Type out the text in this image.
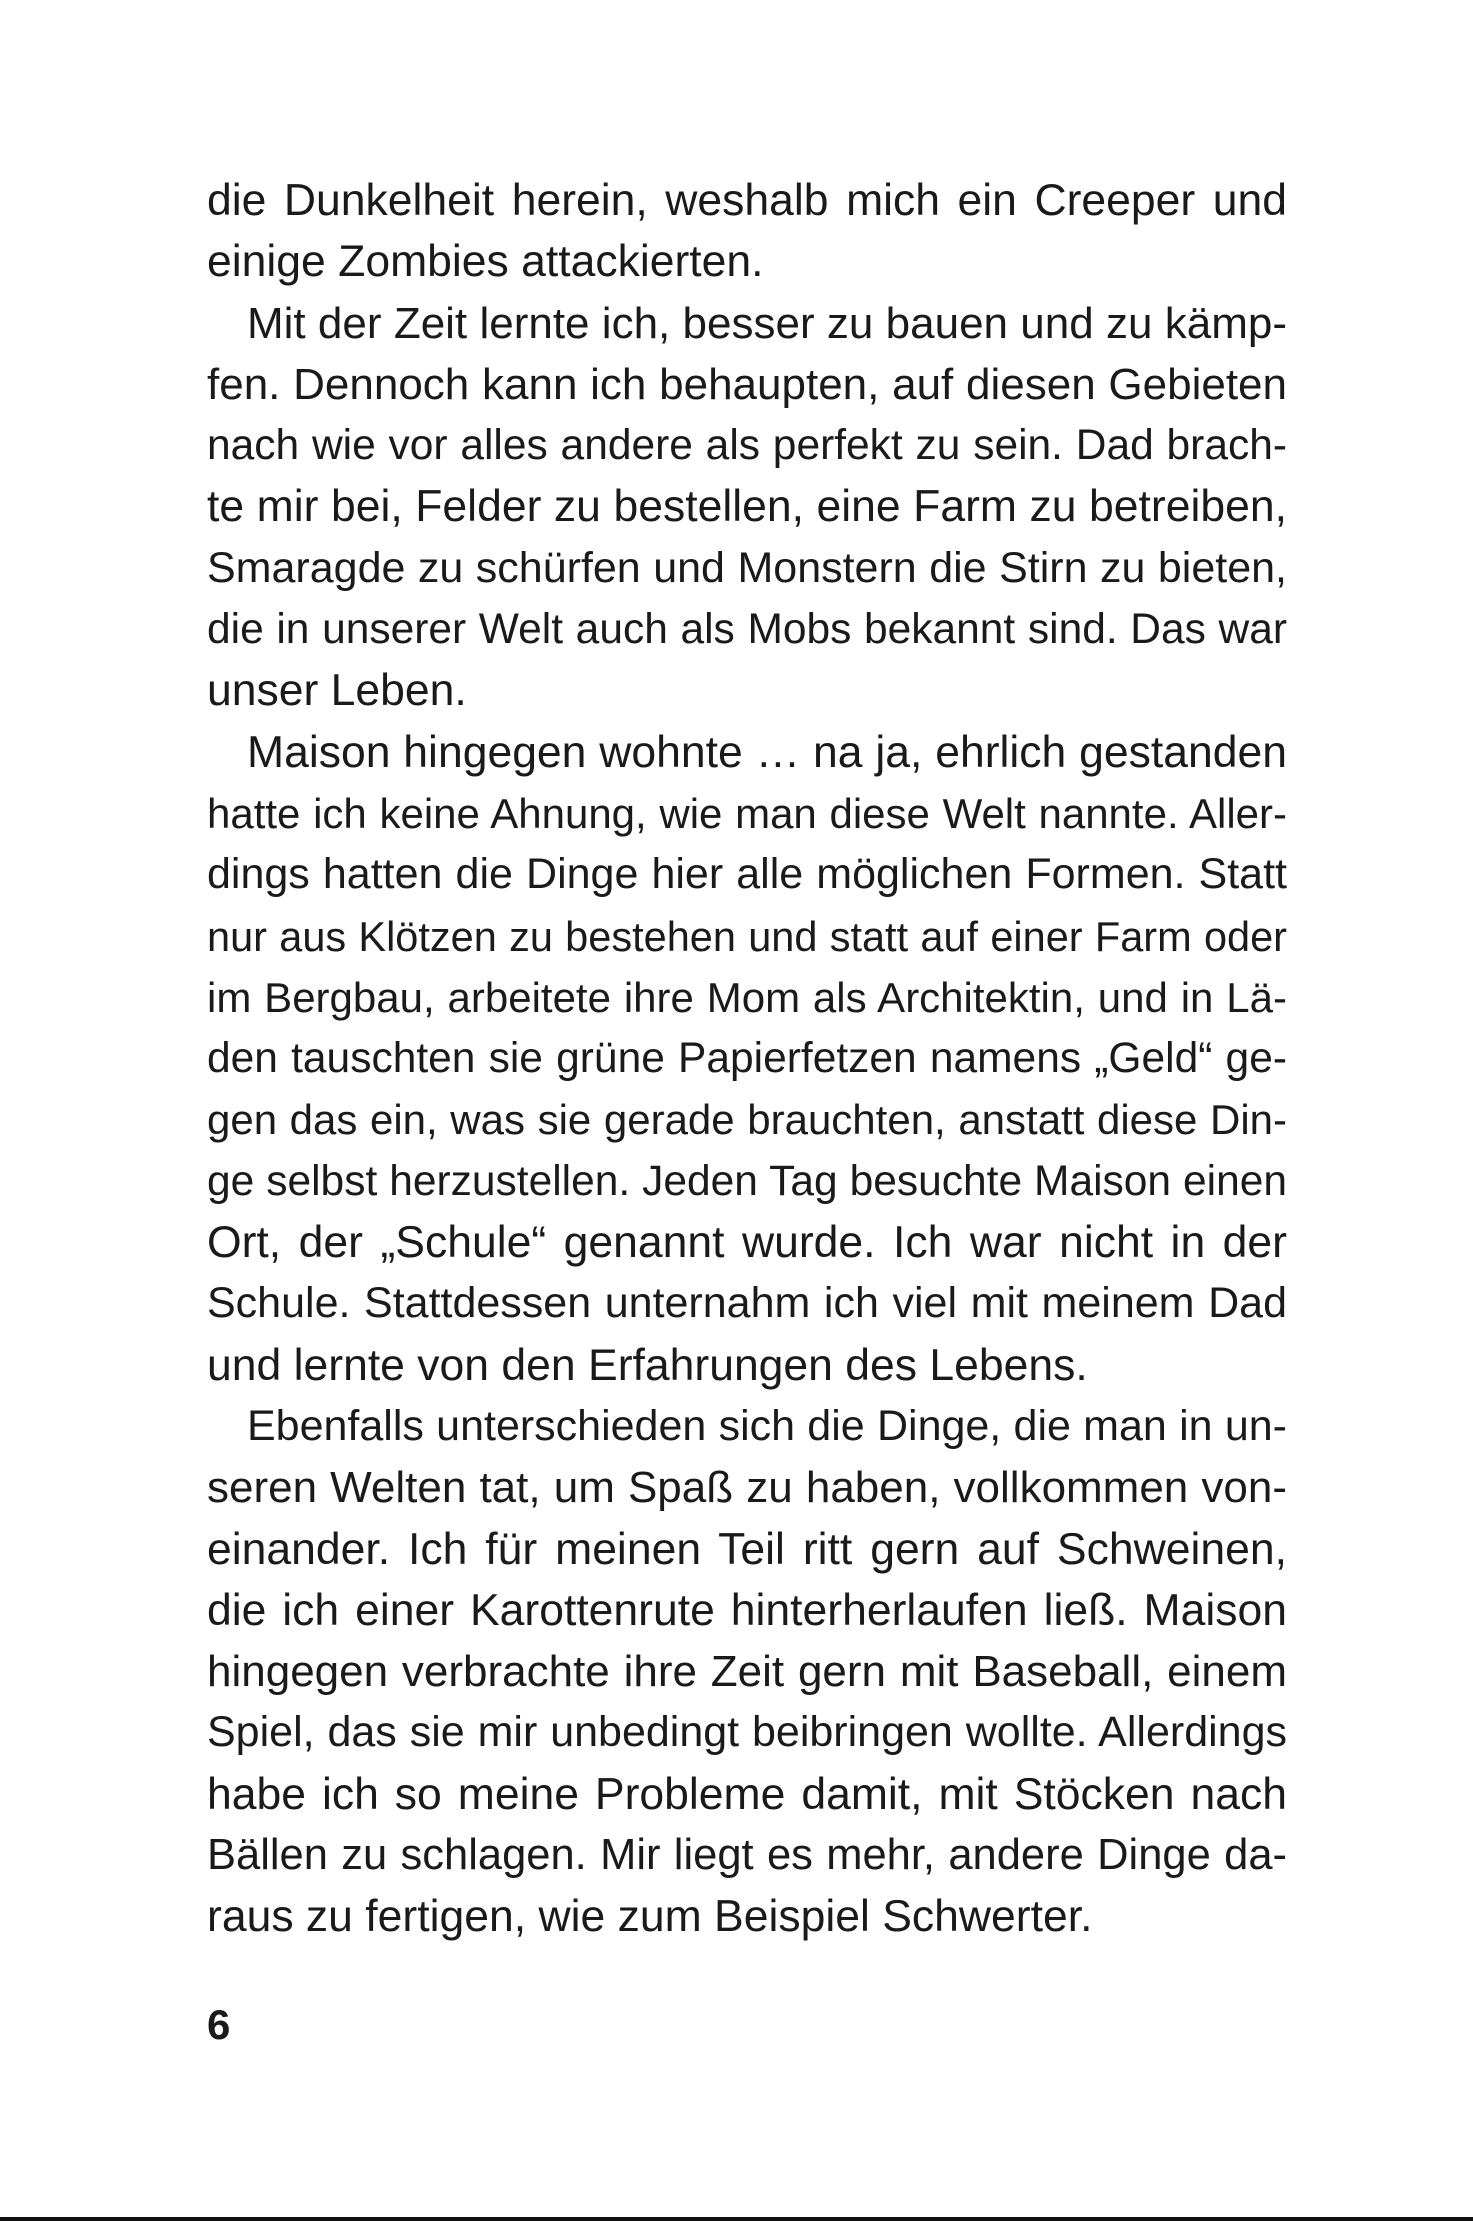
die Dunkelheit herein, weshalb mich ein Creeper und
einige Zombies attackierten.
Mit der Zeit lernte ich, besser zu bauen und zu kämp-
fen. Dennoch kann ich behaupten, auf diesen Gebieten
nach wie vor alles andere als perfekt zu sein. Dad brach-
te mir bei, Felder zu bestellen, eine Farm zu betreiben,
Smaragde zu schürfen und Monstern die Stirn zu bieten,
die in unserer Welt auch als Mobs bekannt sind. Das war
unser Leben.
Maison hingegen wohnte … na ja, ehrlich gestanden
hatte ich keine Ahnung, wie man diese Welt nannte. Aller-
dings hatten die Dinge hier alle möglichen Formen. Statt
nur aus Klötzen zu bestehen und statt auf einer Farm oder
im Bergbau, arbeitete ihre Mom als Architektin, und in Lä-
den tauschten sie grüne Papierfetzen namens „Geld“ ge-
gen das ein, was sie gerade brauchten, anstatt diese Din-
ge selbst herzustellen. Jeden Tag besuchte Maison einen
Ort, der „Schule“ genannt wurde. Ich war nicht in der
Schule. Stattdessen unternahm ich viel mit meinem Dad
und lernte von den Erfahrungen des Lebens.
Ebenfalls unterschieden sich die Dinge, die man in un-
seren Welten tat, um Spaß zu haben, vollkommen von-
einander. Ich für meinen Teil ritt gern auf Schweinen,
die ich einer Karottenrute hinterherlaufen ließ. Maison
hingegen verbrachte ihre Zeit gern mit Baseball, einem
Spiel, das sie mir unbedingt beibringen wollte. Allerdings
habe ich so meine Probleme damit, mit Stöcken nach
Bällen zu schlagen. Mir liegt es mehr, andere Dinge da-
raus zu fertigen, wie zum Beispiel Schwerter.
6
